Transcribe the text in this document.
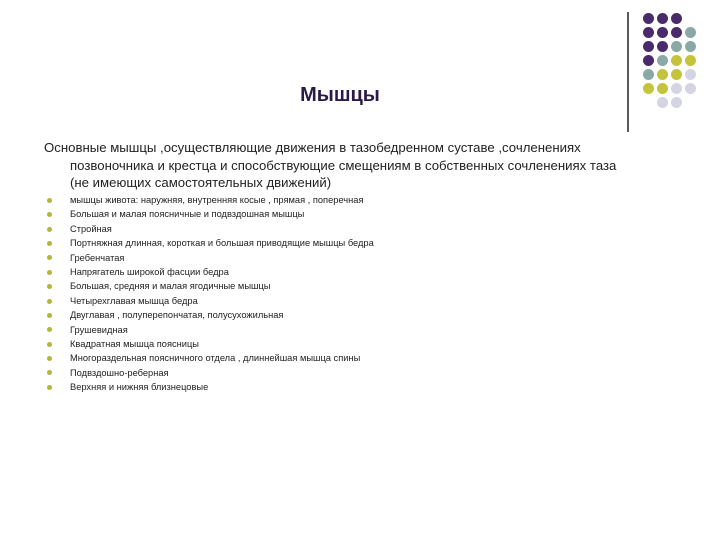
Мышцы
Основные мышцы ,осуществляющие движения в тазобедренном суставе ,сочленениях
позвоночника и крестца и способствующие смещениям в собственных сочленениях таза
(не имеющих самостоятельных движений)
мышцы живота: наружняя, внутренняя косые , прямая , поперечная
Большая и малая поясничные и подвздошная мышцы
Стройная
Портняжная длинная, короткая и большая приводящие мышцы бедра
Гребенчатая
Напрягатель широкой фасции бедра
Большая, средняя и малая ягодичные мышцы
Четырехглавая мышца бедра
Двуглавая , полуперепончатая, полусухожильная
Грушевидная
Квадратная мышца поясницы
Многораздельная поясничного отдела , длиннейшая мышца спины
Подвздошно-реберная
Верхняя и нижняя близнецовые
